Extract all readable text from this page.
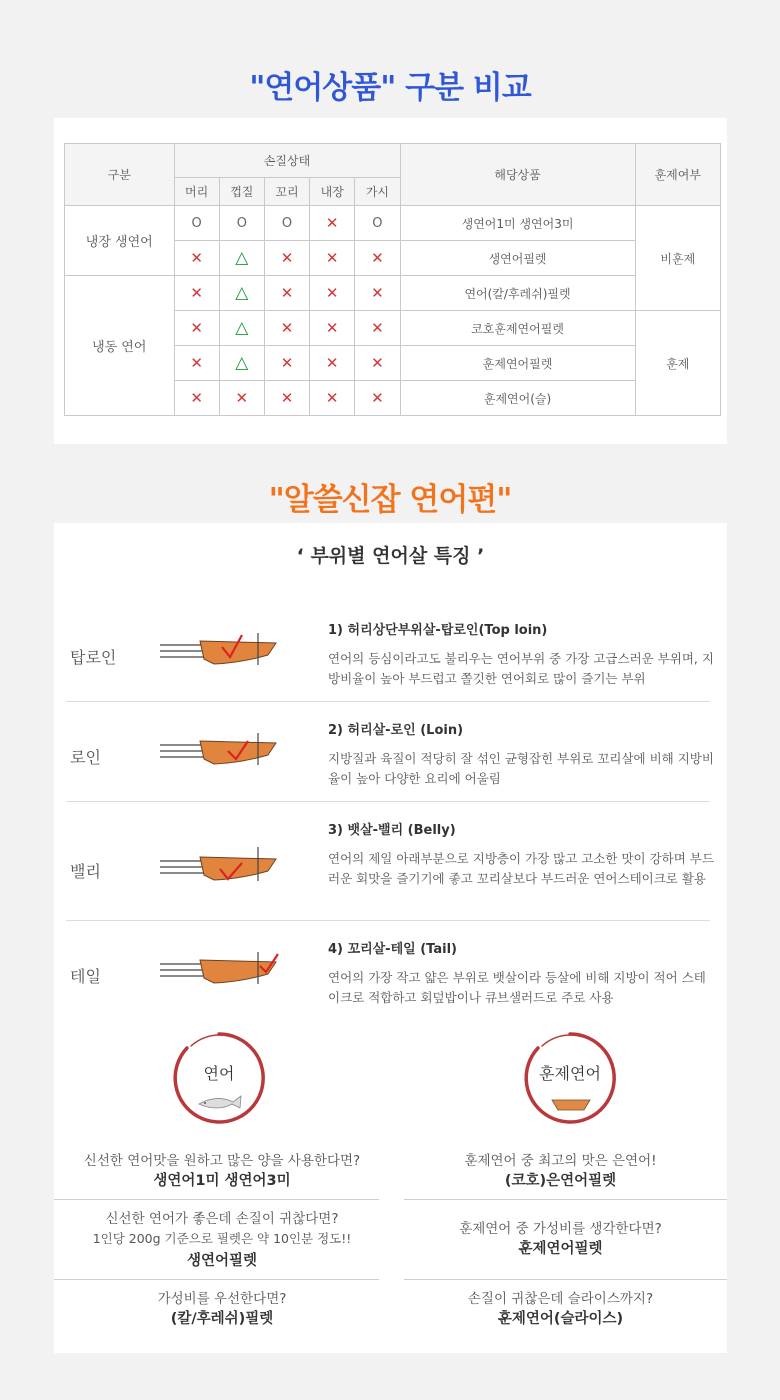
"연어상품" 구분 비교
구분	손질상태					해당상품	훈제여부
	머리	껍질	꼬리	내장	가시		
냉장 생연어	O	O	O	✕	O	생연어1미 생연어3미	비훈제
	✕	△	✕	✕	✕	생연어필렛	
냉동 연어	✕	△	✕	✕	✕	연어(칼/후레쉬)필렛	
	✕	△	✕	✕	✕	코호훈제연어필렛	훈제
	✕	△	✕	✕	✕	훈제연어필렛	
	✕	✕	✕	✕	✕	훈제연어(슬)	
"알쓸신잡 연어편"
‘ 부위별 연어살 특징 ’
탑로인
1) 허리상단부위살-탑로인(Top loin)
연어의 등심이라고도 불리우는 연어부위 중 가장 고급스러운 부위며, 지방비율이 높아 부드럽고 쫄깃한 연어회로 많이 즐기는 부위
로인
2) 허리살-로인 (Loin)
지방질과 육질이 적당히 잘 섞인 균형잡힌 부위로 꼬리살에 비해 지방비율이 높아 다양한 요리에 어울림
밸리
3) 뱃살-밸리 (Belly)
연어의 제일 아래부분으로 지방층이 가장 많고 고소한 맛이 강하며 부드러운 회맛을 즐기기에 좋고 꼬리살보다 부드러운 연어스테이크로 활용
테일
4) 꼬리살-테일 (Tail)
연어의 가장 작고 얇은 부위로 뱃살이라 등살에 비해 지방이 적어 스테이크로 적합하고 회덮밥이나 큐브샐러드로 주로 사용
연어	훈제연어
신선한 연어맛을 원하고 많은 양을 사용한다면?
생연어1미 생연어3미
신선한 연어가 좋은데 손질이 귀찮다면?
1인당 200g 기준으로 필렛은 약 10인분 정도!!
생연어필렛
가성비를 우선한다면?
(칼/후레쉬)필렛
훈제연어 중 최고의 맛은 은연어!
(코호)은연어필렛
훈제연어 중 가성비를 생각한다면?
훈제연어필렛
손질이 귀찮은데 슬라이스까지?
훈제연어(슬라이스)
